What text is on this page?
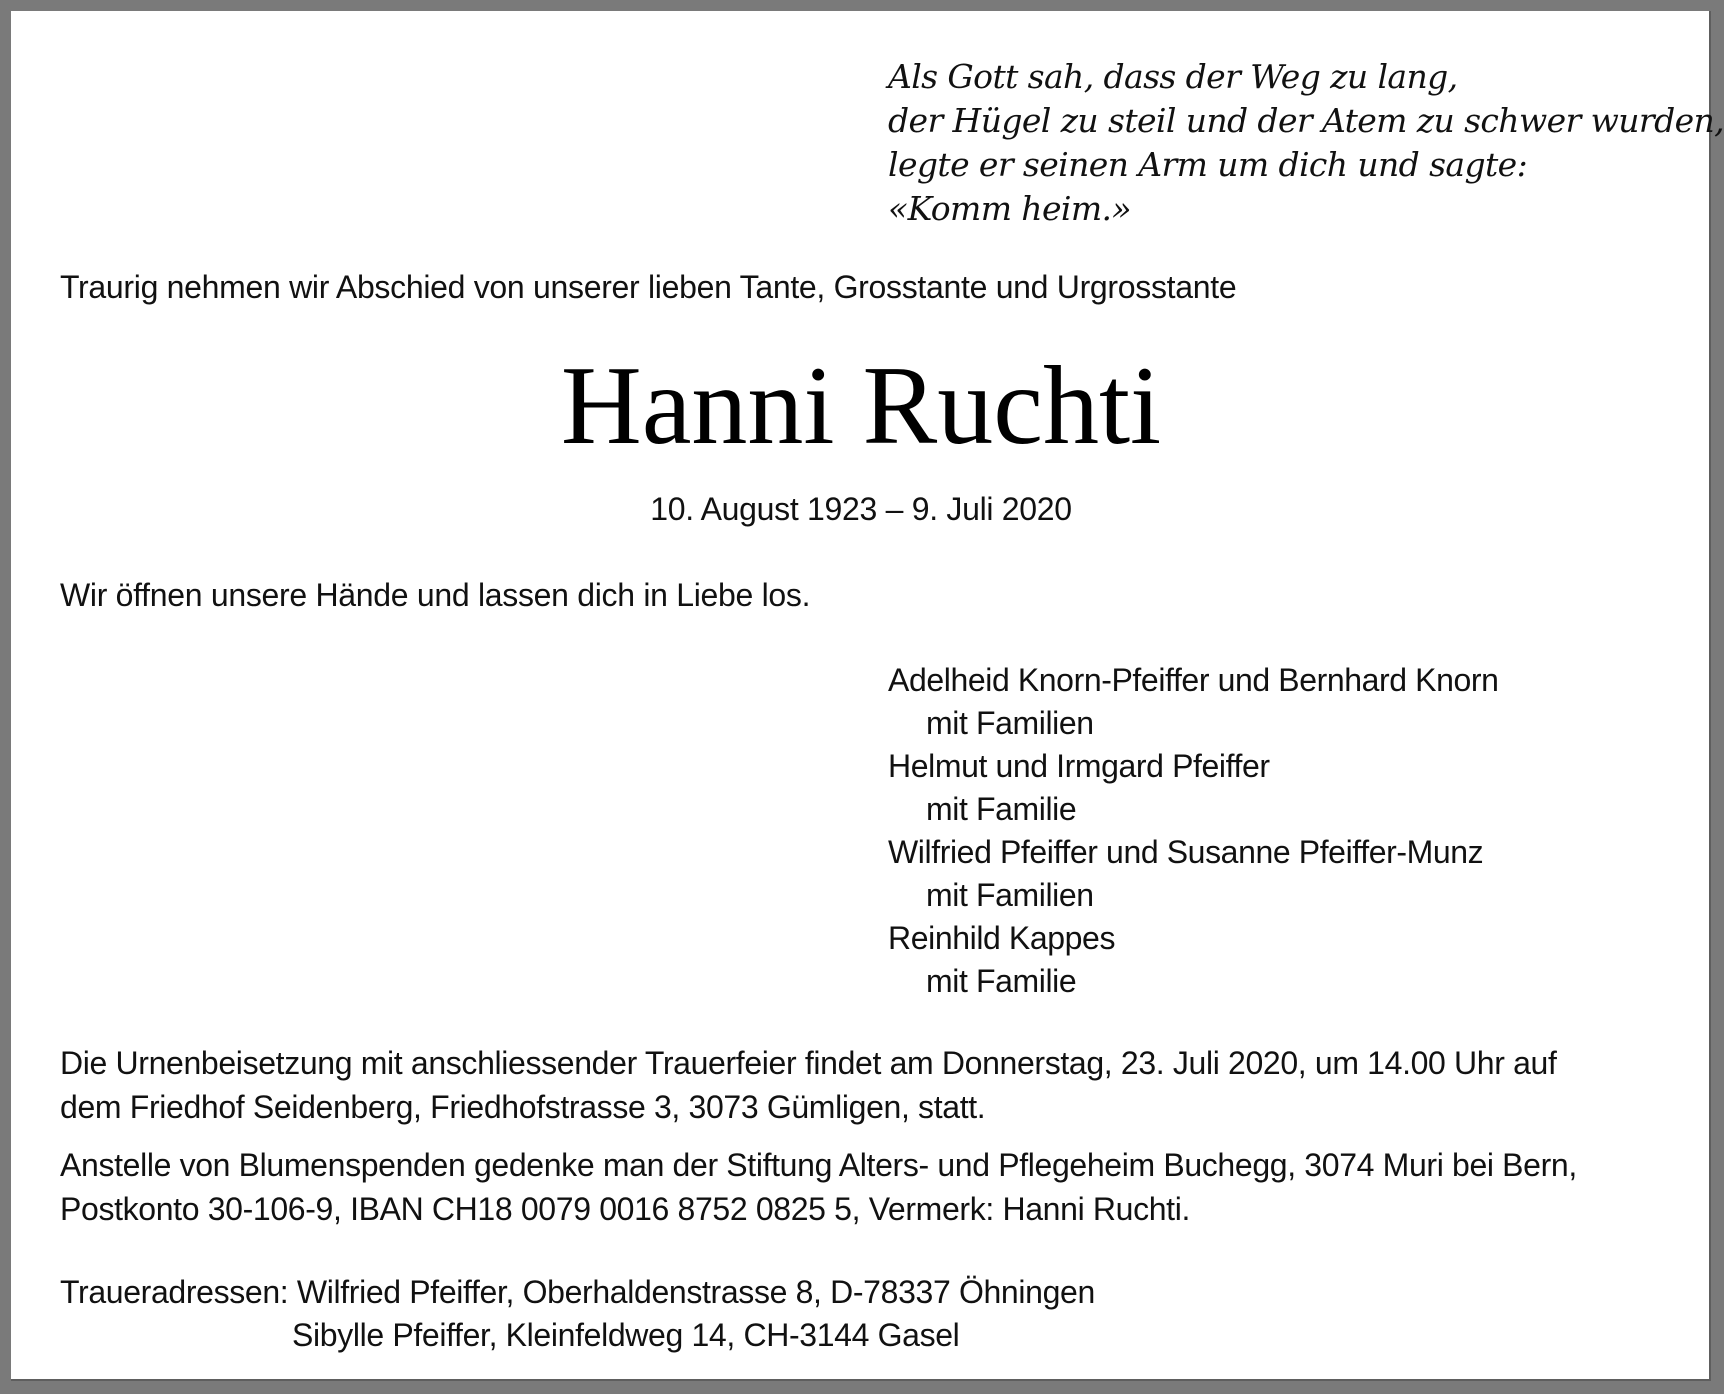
Als Gott sah, dass der Weg zu lang,
der Hügel zu steil und der Atem zu schwer wurden,
legte er seinen Arm um dich und sagte:
«Komm heim.»
Traurig nehmen wir Abschied von unserer lieben Tante, Grosstante und Urgrosstante
Hanni Ruchti
10. August 1923 – 9. Juli 2020
Wir öffnen unsere Hände und lassen dich in Liebe los.
Adelheid Knorn-Pfeiffer und Bernhard Knorn
mit Familien
Helmut und Irmgard Pfeiffer
mit Familie
Wilfried Pfeiffer und Susanne Pfeiffer-Munz
mit Familien
Reinhild Kappes
mit Familie
Die Urnenbeisetzung mit anschliessender Trauerfeier findet am Donnerstag, 23. Juli 2020, um 14.00 Uhr auf
dem Friedhof Seidenberg, Friedhofstrasse 3, 3073 Gümligen, statt.
Anstelle von Blumenspenden gedenke man der Stiftung Alters- und Pflegeheim Buchegg, 3074 Muri bei Bern,
Postkonto 30-106-9, IBAN CH18 0079 0016 8752 0825 5, Vermerk: Hanni Ruchti.
Traueradressen: Wilfried Pfeiffer, Oberhaldenstrasse 8, D-78337 Öhningen
Sibylle Pfeiffer, Kleinfeldweg 14, CH-3144 Gasel
